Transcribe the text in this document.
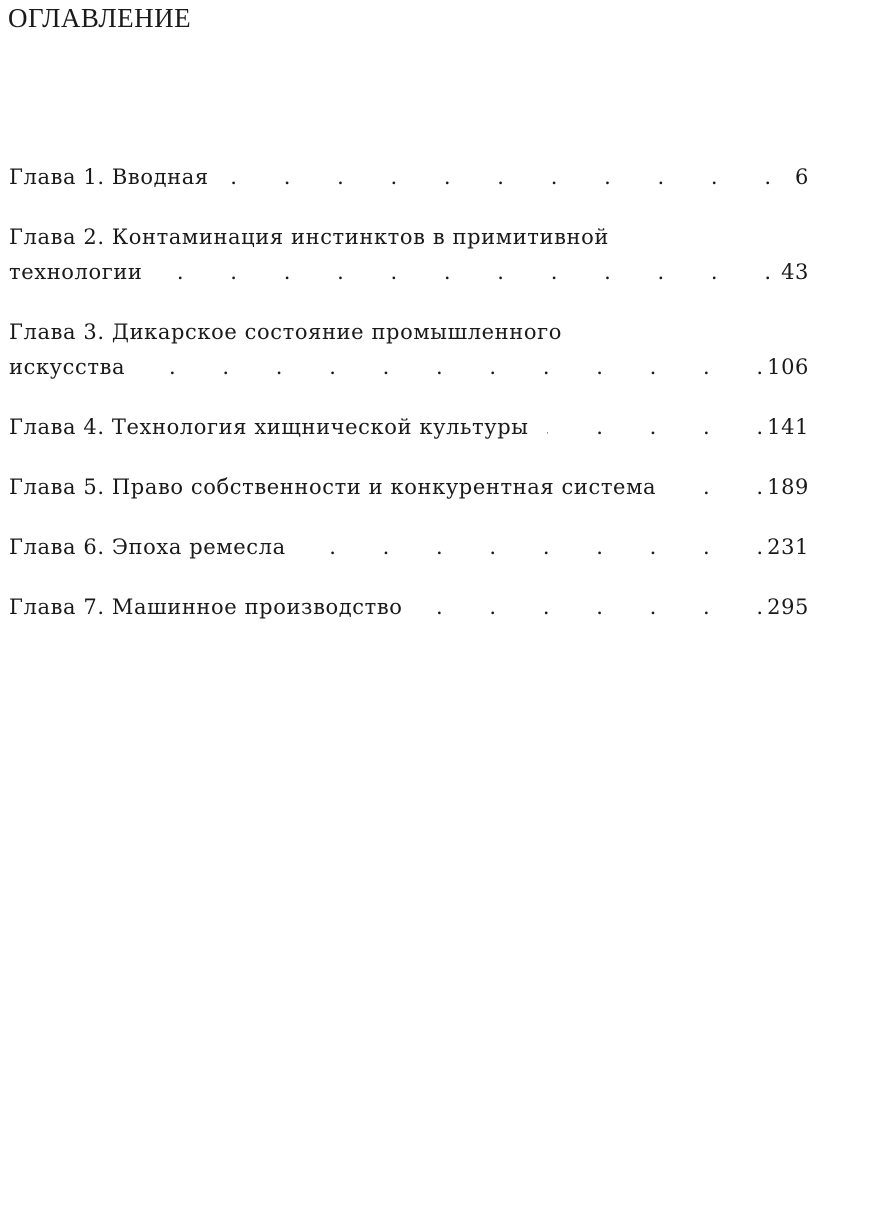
ОГЛАВЛЕНИЕ
Глава 1. Вводная .	6
Глава 2. Контаминация инстинктов в примитивной
технологии .	43
Глава 3. Дикарское состояние промышленного
искусства .	106
Глава 4. Технология хищнической культуры .	141
Глава 5. Право собственности и конкурентная система .	189
Глава 6. Эпоха ремесла .	231
Глава 7. Машинное производство .	295
